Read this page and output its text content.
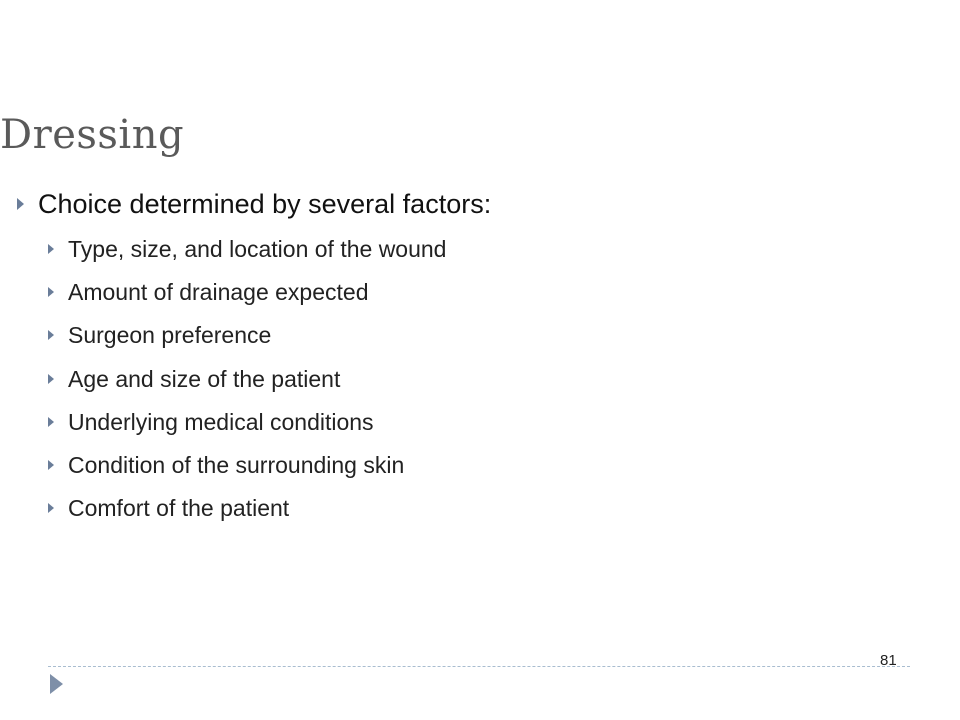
Dressing
Choice determined by several factors:
Type, size, and location of the wound
Amount of drainage expected
Surgeon preference
Age and size of the patient
Underlying medical conditions
Condition of the surrounding skin
Comfort of the patient
81
